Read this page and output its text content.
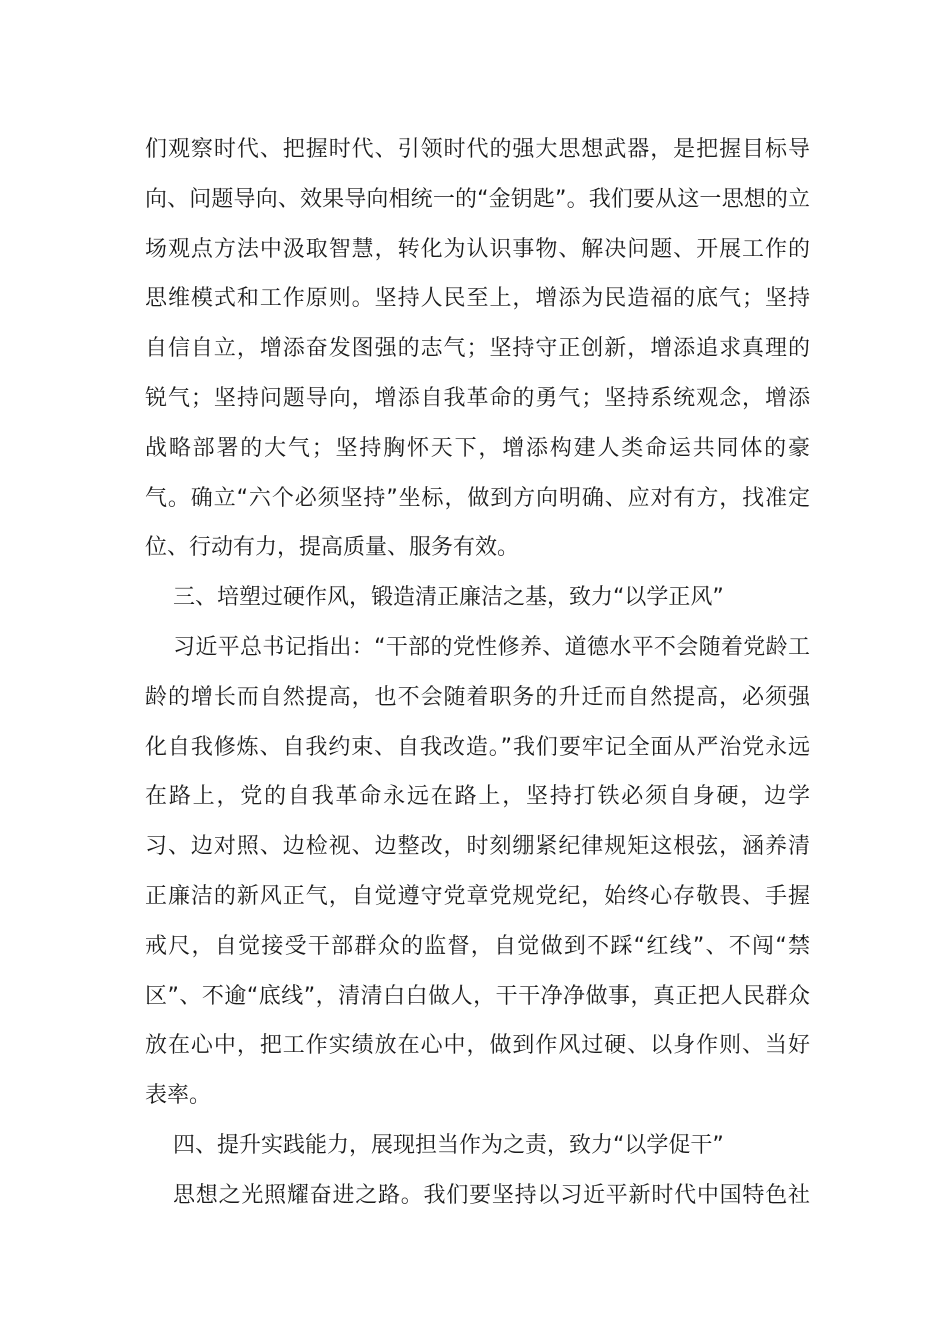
们观察时代、把握时代、引领时代的强大思想武器，是把握目标导
向、问题导向、效果导向相统一的“金钥匙”。我们要从这一思想的立
场观点方法中汲取智慧，转化为认识事物、解决问题、开展工作的
思维模式和工作原则。坚持人民至上，增添为民造福的底气；坚持
自信自立，增添奋发图强的志气；坚持守正创新，增添追求真理的
锐气；坚持问题导向，增添自我革命的勇气；坚持系统观念，增添
战略部署的大气；坚持胸怀天下，增添构建人类命运共同体的豪
气。确立“六个必须坚持”坐标，做到方向明确、应对有方，找准定
位、行动有力，提高质量、服务有效。
三、培塑过硬作风，锻造清正廉洁之基，致力“以学正风”
习近平总书记指出：“干部的党性修养、道德水平不会随着党龄工
龄的增长而自然提高，也不会随着职务的升迁而自然提高，必须强
化自我修炼、自我约束、自我改造。”我们要牢记全面从严治党永远
在路上，党的自我革命永远在路上，坚持打铁必须自身硬，边学
习、边对照、边检视、边整改，时刻绷紧纪律规矩这根弦，涵养清
正廉洁的新风正气，自觉遵守党章党规党纪，始终心存敬畏、手握
戒尺，自觉接受干部群众的监督，自觉做到不踩“红线”、不闯“禁
区”、不逾“底线”，清清白白做人，干干净净做事，真正把人民群众
放在心中，把工作实绩放在心中，做到作风过硬、以身作则、当好
表率。
四、提升实践能力，展现担当作为之责，致力“以学促干”
思想之光照耀奋进之路。我们要坚持以习近平新时代中国特色社
